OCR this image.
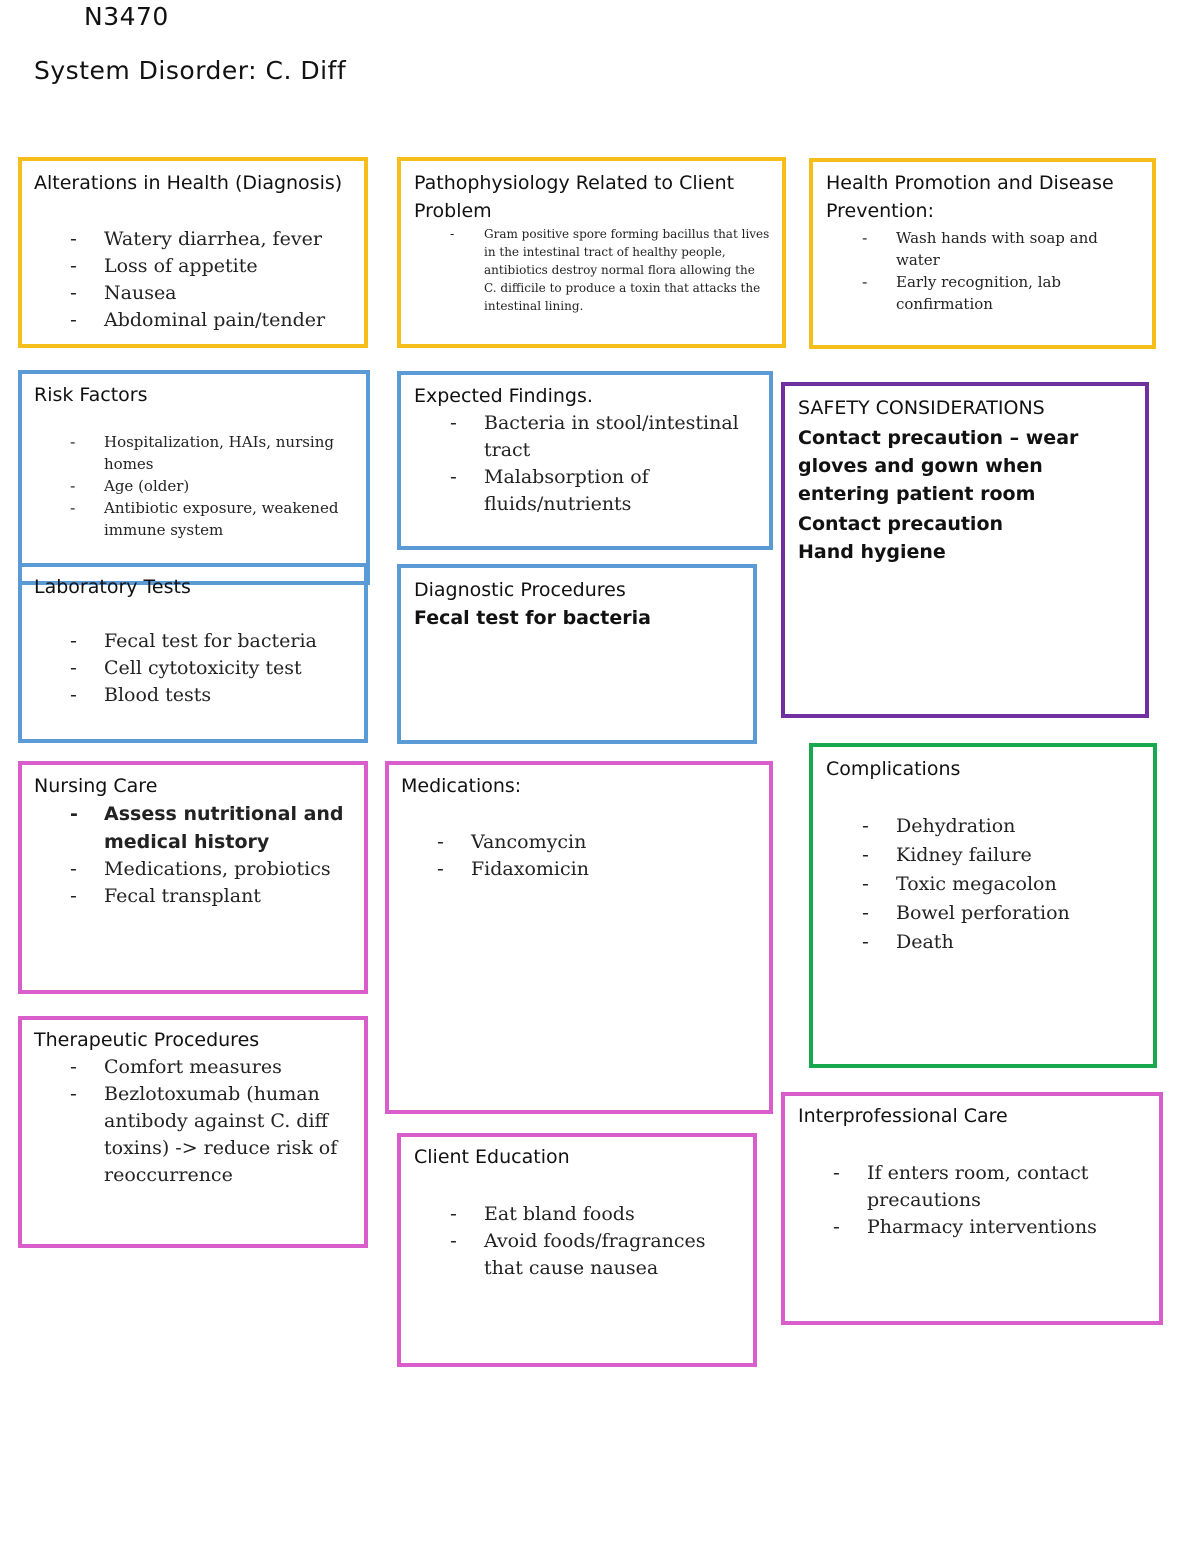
N3470
System Disorder: C. Diff
Alterations in Health (Diagnosis)
- Watery diarrhea, fever
- Loss of appetite
- Nausea
- Abdominal pain/tender
Pathophysiology Related to Client Problem
- Gram positive spore forming bacillus that lives in the intestinal tract of healthy people, antibiotics destroy normal flora allowing the C. difficile to produce a toxin that attacks the intestinal lining.
Health Promotion and Disease Prevention:
- Wash hands with soap and water
- Early recognition, lab confirmation
Risk Factors
- Hospitalization, HAIs, nursing homes
- Age (older)
- Antibiotic exposure, weakened immune system
Expected Findings.
- Bacteria in stool/intestinal tract
- Malabsorption of fluids/nutrients
SAFETY CONSIDERATIONS
Contact precaution – wear gloves and gown when entering patient room
Contact precaution
Hand hygiene
Laboratory Tests
- Fecal test for bacteria
- Cell cytotoxicity test
- Blood tests
Diagnostic Procedures
Fecal test for bacteria
Nursing Care
- Assess nutritional and medical history
- Medications, probiotics
- Fecal transplant
Medications:
- Vancomycin
- Fidaxomicin
Complications
- Dehydration
- Kidney failure
- Toxic megacolon
- Bowel perforation
- Death
Therapeutic Procedures
- Comfort measures
- Bezlotoxumab (human antibody against C. diff toxins) -> reduce risk of reoccurrence
Client Education
- Eat bland foods
- Avoid foods/fragrances that cause nausea
Interprofessional Care
- If enters room, contact precautions
- Pharmacy interventions
